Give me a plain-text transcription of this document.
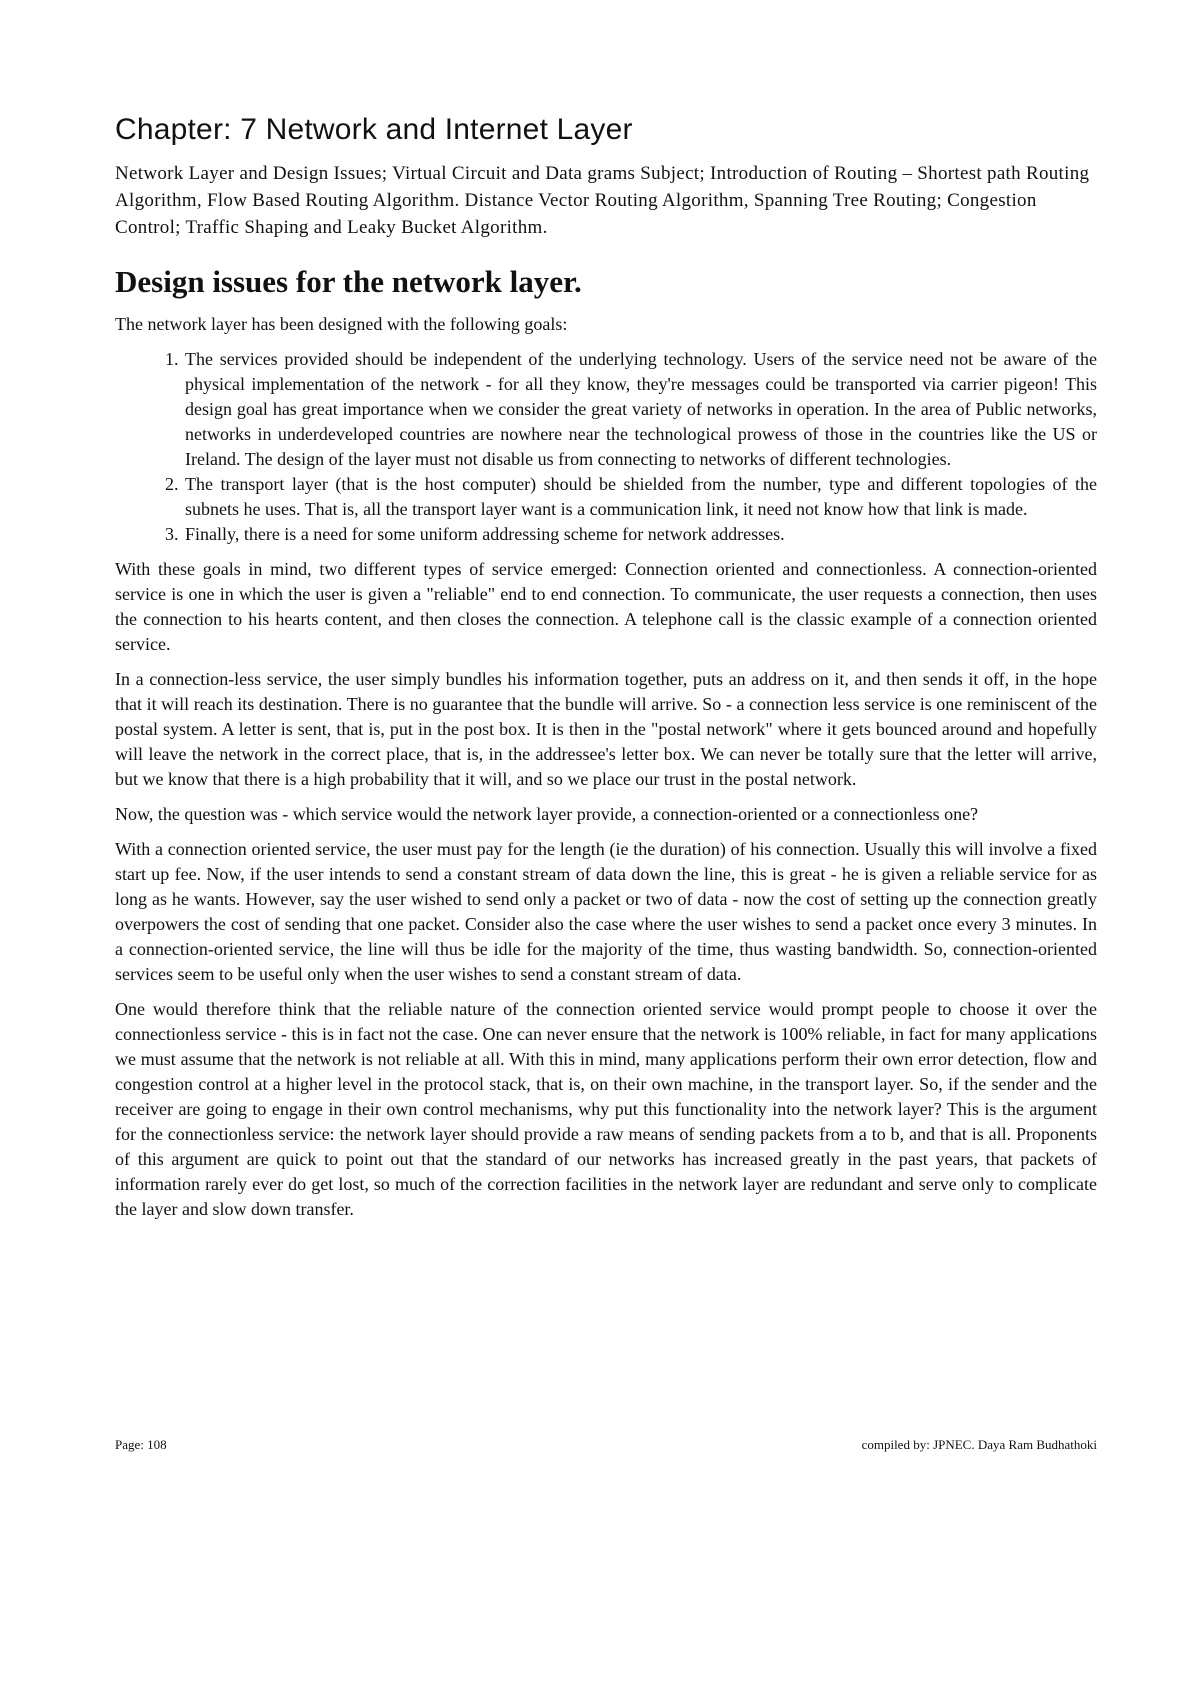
Chapter: 7 Network and Internet Layer
Network Layer and Design Issues; Virtual Circuit and Data grams Subject; Introduction of Routing – Shortest path Routing Algorithm, Flow Based Routing Algorithm. Distance Vector Routing Algorithm, Spanning Tree Routing; Congestion Control; Traffic Shaping and Leaky Bucket Algorithm.
Design issues for the network layer.

The network layer has been designed with the following goals:

1. The services provided should be independent of the underlying technology. Users of the service need not be aware of the physical implementation of the network - for all they know, they're messages could be transported via carrier pigeon! This design goal has great importance when we consider the great variety of networks in operation. In the area of Public networks, networks in underdeveloped countries are nowhere near the technological prowess of those in the countries like the US or Ireland. The design of the layer must not disable us from connecting to networks of different technologies.
2. The transport layer (that is the host computer) should be shielded from the number, type and different topologies of the subnets he uses. That is, all the transport layer want is a communication link, it need not know how that link is made.
3. Finally, there is a need for some uniform addressing scheme for network addresses.

With these goals in mind, two different types of service emerged: Connection oriented and connectionless. A connection-oriented service is one in which the user is given a "reliable" end to end connection. To communicate, the user requests a connection, then uses the connection to his hearts content, and then closes the connection. A telephone call is the classic example of a connection oriented service.

In a connection-less service, the user simply bundles his information together, puts an address on it, and then sends it off, in the hope that it will reach its destination. There is no guarantee that the bundle will arrive. So - a connection less service is one reminiscent of the postal system. A letter is sent, that is, put in the post box. It is then in the "postal network" where it gets bounced around and hopefully will leave the network in the correct place, that is, in the addressee's letter box. We can never be totally sure that the letter will arrive, but we know that there is a high probability that it will, and so we place our trust in the postal network.

Now, the question was - which service would the network layer provide, a connection-oriented or a connectionless one?

With a connection oriented service, the user must pay for the length (ie the duration) of his connection. Usually this will involve a fixed start up fee. Now, if the user intends to send a constant stream of data down the line, this is great - he is given a reliable service for as long as he wants. However, say the user wished to send only a packet or two of data - now the cost of setting up the connection greatly overpowers the cost of sending that one packet. Consider also the case where the user wishes to send a packet once every 3 minutes. In a connection-oriented service, the line will thus be idle for the majority of the time, thus wasting bandwidth. So, connection-oriented services seem to be useful only when the user wishes to send a constant stream of data.

One would therefore think that the reliable nature of the connection oriented service would prompt people to choose it over the connectionless service - this is in fact not the case. One can never ensure that the network is 100% reliable, in fact for many applications we must assume that the network is not reliable at all. With this in mind, many applications perform their own error detection, flow and congestion control at a higher level in the protocol stack, that is, on their own machine, in the transport layer. So, if the sender and the receiver are going to engage in their own control mechanisms, why put this functionality into the network layer? This is the argument for the connectionless service: the network layer should provide a raw means of sending packets from a to b, and that is all. Proponents of this argument are quick to point out that the standard of our networks has increased greatly in the past years, that packets of information rarely ever do get lost, so much of the correction facilities in the network layer are redundant and serve only to complicate the layer and slow down transfer.

Page: 108	compiled by: JPNEC. Daya Ram Budhathoki
